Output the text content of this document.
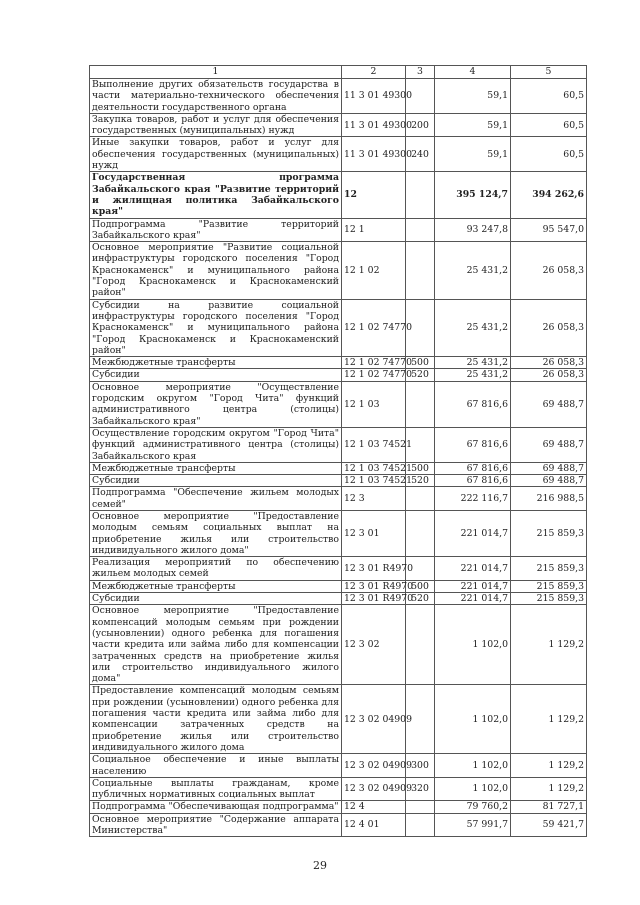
1	2	3	4	5
Выполнение других обязательств государства в части материально-технического обеспечения деятельности государственного органа	11 3 01 49300		59,1	60,5
Закупка товаров, работ и услуг для обеспечения государственных (муниципальных) нужд	11 3 01 49300	200	59,1	60,5
Иные закупки товаров, работ и услуг для обеспечения государственных (муниципальных) нужд	11 3 01 49300	240	59,1	60,5
Государственная программа Забайкальского края "Развитие территорий и жилищная политика Забайкальского края"	12		395 124,7	394 262,6
Подпрограмма "Развитие территорий Забайкальского края"	12 1		93 247,8	95 547,0
Основное мероприятие "Развитие социальной инфраструктуры городского поселения "Город Краснокаменск" и муниципального района "Город Краснокаменск и Краснокаменский район"	12 1 02		25 431,2	26 058,3
Субсидии на развитие социальной инфраструктуры городского поселения "Город Краснокаменск" и муниципального района "Город Краснокаменск и Краснокаменский район"	12 1 02 74770		25 431,2	26 058,3
Межбюджетные трансферты	12 1 02 74770	500	25 431,2	26 058,3
Субсидии	12 1 02 74770	520	25 431,2	26 058,3
Основное мероприятие "Осуществление городским округом "Город Чита" функций административного центра (столицы) Забайкальского края"	12 1 03		67 816,6	69 488,7
Осуществление городским округом "Город Чита" функций административного центра (столицы) Забайкальского края	12 1 03 74521		67 816,6	69 488,7
Межбюджетные трансферты	12 1 03 74521	500	67 816,6	69 488,7
Субсидии	12 1 03 74521	520	67 816,6	69 488,7
Подпрограмма "Обеспечение жильем молодых семей"	12 3		222 116,7	216 988,5
Основное мероприятие "Предоставление молодым семьям социальных выплат на приобретение жилья или строительство индивидуального жилого дома"	12 3 01		221 014,7	215 859,3
Реализация мероприятий по обеспечению жильем молодых семей	12 3 01 R4970		221 014,7	215 859,3
Межбюджетные трансферты	12 3 01 R4970	500	221 014,7	215 859,3
Субсидии	12 3 01 R4970	520	221 014,7	215 859,3
Основное мероприятие "Предоставление компенсаций молодым семьям при рождении (усыновлении) одного ребенка для погашения части кредита или займа либо для компенсации затраченных средств на приобретение жилья или строительство индивидуального жилого дома"	12 3 02		1 102,0	1 129,2
Предоставление компенсаций молодым семьям при рождении (усыновлении) одного ребенка для погашения части кредита или займа либо для компенсации затраченных средств на приобретение жилья или строительство индивидуального жилого дома	12 3 02 04909		1 102,0	1 129,2
Социальное обеспечение и иные выплаты населению	12 3 02 04909	300	1 102,0	1 129,2
Социальные выплаты гражданам, кроме публичных нормативных социальных выплат	12 3 02 04909	320	1 102,0	1 129,2
Подпрограмма "Обеспечивающая подпрограмма"	12 4		79 760,2	81 727,1
Основное мероприятие "Содержание аппарата Министерства"	12 4 01		57 991,7	59 421,7
29
